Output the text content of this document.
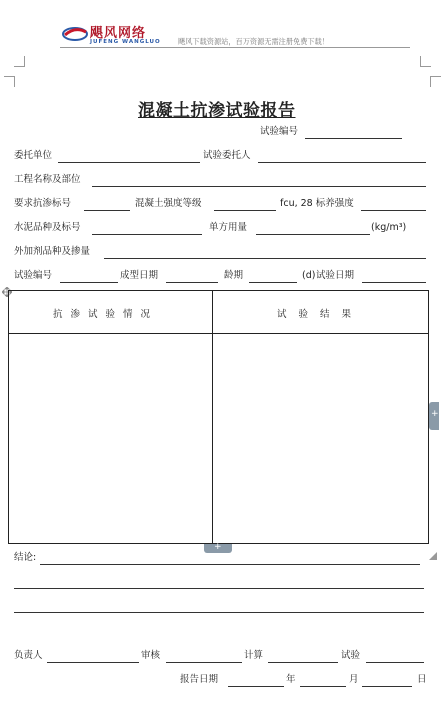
飓风网络
JUFENG WANGLUO 飓风下载资源站，百万资源无需注册免费下载！
混凝土抗渗试验报告
试验编号
委托单位	试验委托人
工程名称及部位
要求抗渗标号	混凝土强度等级	fcu, 28 标养强度
水泥品种及标号	单方用量	(kg/m³)
外加剂品种及掺量
试验编号	成型日期	龄期	(d) 试验日期
抗渗试验情况	试验结果
+
+
结论:
负责人	审核	计算	试验
报告日期	年	月	日
